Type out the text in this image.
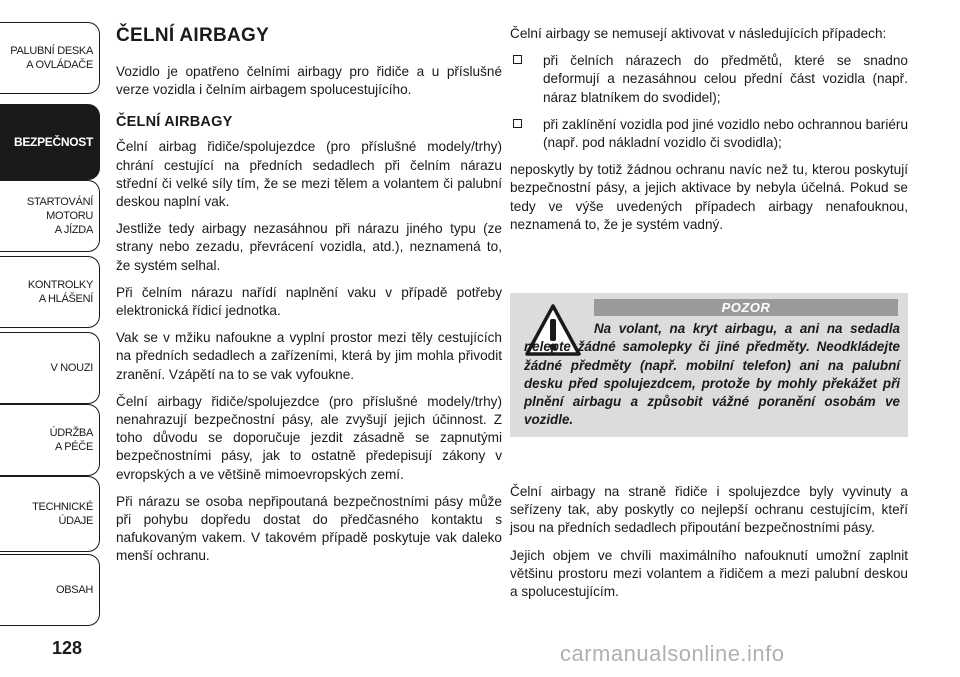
PALUBNÍ DESKA
A OVLÁDAČE
BEZPEČNOST
STARTOVÁNÍ
MOTORU
A JÍZDA
KONTROLKY
A HLÁŠENÍ
V NOUZI
ÚDRŽBA
A PÉČE
TECHNICKÉ
ÚDAJE
OBSAH
128
ČELNÍ AIRBAGY

Vozidlo je opatřeno čelními airbagy pro řidiče a u příslušné verze vozidla i čelním airbagem spolucestujícího.

ČELNÍ AIRBAGY

Čelní airbag řidiče/spolujezdce (pro příslušné modely/trhy) chrání cestující na předních sedadlech při čelním nárazu střední či velké síly tím, že se mezi tělem a volantem či palubní deskou naplní vak.

Jestliže tedy airbagy nezasáhnou při nárazu jiného typu (ze strany nebo zezadu, převrácení vozidla, atd.), neznamená to, že systém selhal.

Při čelním nárazu nařídí naplnění vaku v případě potřeby elektronická řídicí jednotka.

Vak se v mžiku nafoukne a vyplní prostor mezi těly cestujících na předních sedadlech a zařízeními, která by jim mohla přivodit zranění. Vzápětí na to se vak vyfoukne.

Čelní airbagy řidiče/spolujezdce (pro příslušné modely/trhy) nenahrazují bezpečnostní pásy, ale zvyšují jejich účinnost. Z toho důvodu se doporučuje jezdit zásadně se zapnutými bezpečnostními pásy, jak to ostatně předepisují zákony v evropských a ve většině mimoevropských zemí.

Při nárazu se osoba nepřipoutaná bezpečnostními pásy může při pohybu dopředu dostat do předčasného kontaktu s nafukovaným vakem. V takovém případě poskytuje vak daleko menší ochranu.

Čelní airbagy se nemusejí aktivovat v následujících případech:

při čelních nárazech do předmětů, které se snadno deformují a nezasáhnou celou přední část vozidla (např. náraz blatníkem do svodidel);
při zaklínění vozidla pod jiné vozidlo nebo ochrannou bariéru (např. pod nákladní vozidlo či svodidla);

neposkytly by totiž žádnou ochranu navíc než tu, kterou poskytují bezpečnostní pásy, a jejich aktivace by nebyla účelná. Pokud se tedy ve výše uvedených případech airbagy nenafouknou, neznamená to, že je systém vadný.

POZOR
Na volant, na kryt airbagu, a ani na sedadla nelepte žádné samolepky či jiné předměty. Neodkládejte žádné předměty (např. mobilní telefon) ani na palubní desku před spolujezdcem, protože by mohly překážet při plnění airbagu a způsobit vážné poranění osobám ve vozidle.

Čelní airbagy na straně řidiče i spolujezdce byly vyvinuty a seřízeny tak, aby poskytly co nejlepší ochranu cestujícím, kteří jsou na předních sedadlech připoutání bezpečnostními pásy.

Jejich objem ve chvíli maximálního nafouknutí umožní zaplnit většinu prostoru mezi volantem a řidičem a mezi palubní deskou a spolucestujícím.

carmanualsonline.info
